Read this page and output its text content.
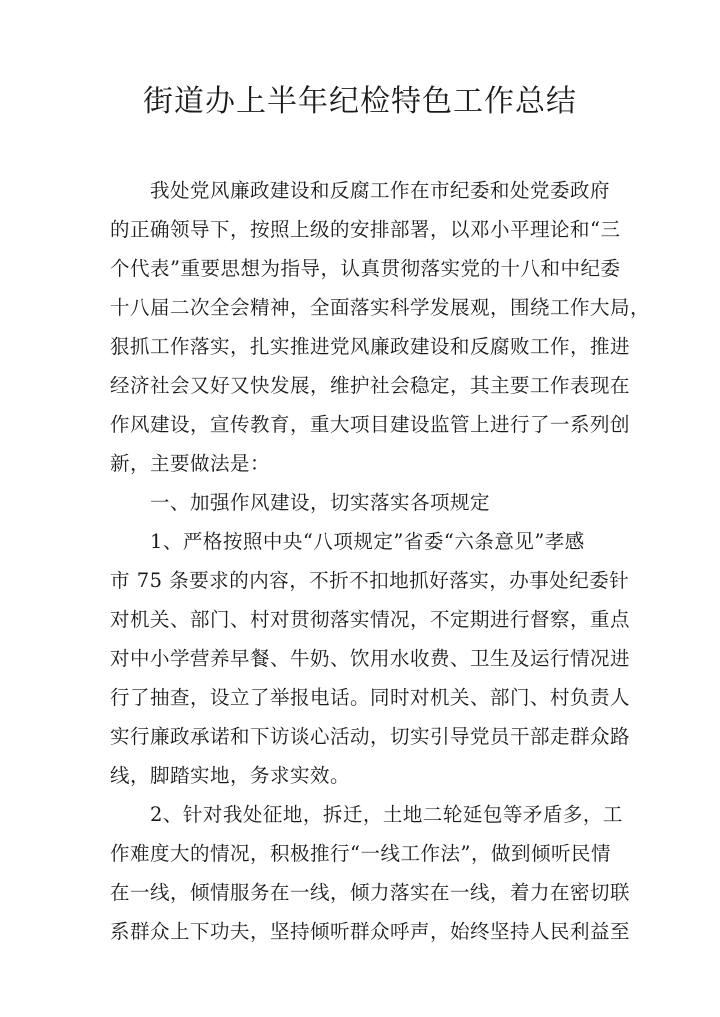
街道办上半年纪检特色工作总结
我处党风廉政建设和反腐工作在市纪委和处党委政府
的正确领导下，按照上级的安排部署，以邓小平理论和“三
个代表”重要思想为指导，认真贯彻落实党的十八和中纪委
十八届二次全会精神，全面落实科学发展观，围绕工作大局，
狠抓工作落实，扎实推进党风廉政建设和反腐败工作，推进
经济社会又好又快发展，维护社会稳定，其主要工作表现在
作风建设，宣传教育，重大项目建设监管上进行了一系列创
新，主要做法是：
一、加强作风建设，切实落实各项规定
1、严格按照中央“八项规定”省委“六条意见”孝感
市 75 条要求的内容，不折不扣地抓好落实，办事处纪委针
对机关、部门、村对贯彻落实情况，不定期进行督察，重点
对中小学营养早餐、牛奶、饮用水收费、卫生及运行情况进
行了抽查，设立了举报电话。同时对机关、部门、村负责人
实行廉政承诺和下访谈心活动，切实引导党员干部走群众路
线，脚踏实地，务求实效。
2、针对我处征地，拆迁，土地二轮延包等矛盾多，工
作难度大的情况，积极推行“一线工作法”，做到倾听民情
在一线，倾情服务在一线，倾力落实在一线，着力在密切联
系群众上下功夫，坚持倾听群众呼声，始终坚持人民利益至
